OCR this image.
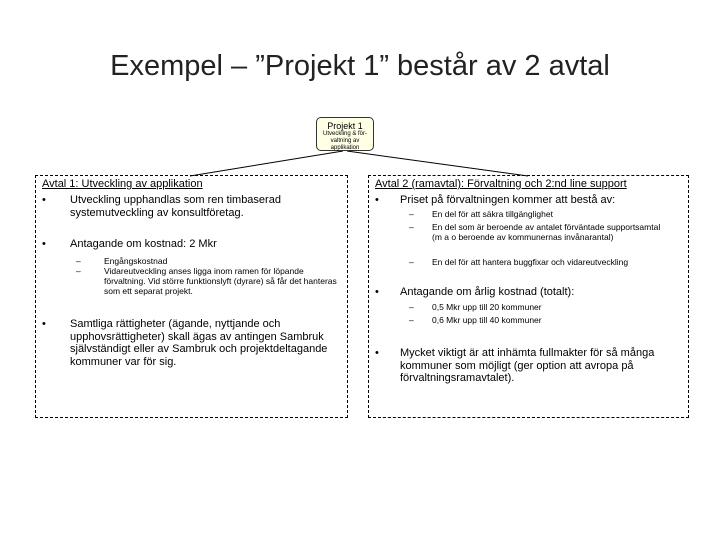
Exempel – ”Projekt 1” består av 2 avtal
Projekt 1
Utveckling & för-
valtning av applikation
Avtal 1: Utveckling av applikation
• Utveckling upphandlas som ren timbaserad systemutveckling av konsultföretag.
• Antagande om kostnad: 2 Mkr
–	Engångskostnad
–	Vidareutveckling anses ligga inom ramen för löpande förvaltning. Vid större funktionslyft (dyrare) så får det hanteras som ett separat projekt.
• Samtliga rättigheter (ägande, nyttjande och upphovsrättigheter) skall ägas av antingen Sambruk självständigt eller av Sambruk och projektdeltagande kommuner var för sig.
Avtal 2 (ramavtal): Förvaltning och 2:nd line support
• Priset på förvaltningen kommer att bestå av:
– En del för att säkra tillgänglighet
– En del som är beroende av antalet förväntade supportsamtal (m a o beroende av kommunernas invånarantal)
– En del för att hantera buggfixar och vidareutveckling
• Antagande om årlig kostnad (totalt):
– 0,5 Mkr upp till 20 kommuner
– 0,6 Mkr upp till 40 kommuner
• Mycket viktigt är att inhämta fullmakter för så många kommuner som möjligt (ger option att avropa på förvaltningsramavtalet).
